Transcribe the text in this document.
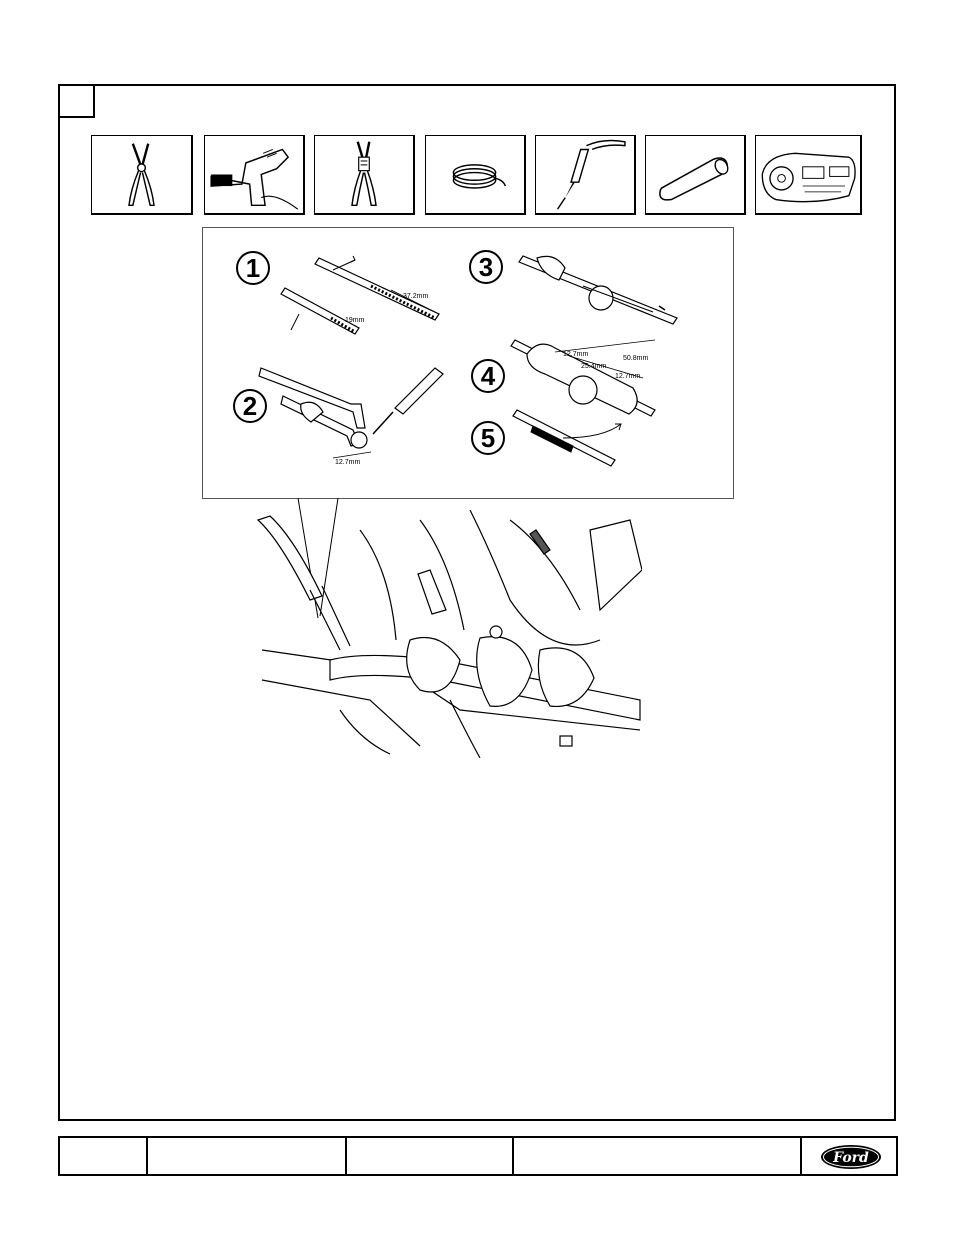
1
2
3
4
5
37.2mm
19mm
12.7mm
12.7mm
50.8mm
25.4mm
12.7mm
Ford
